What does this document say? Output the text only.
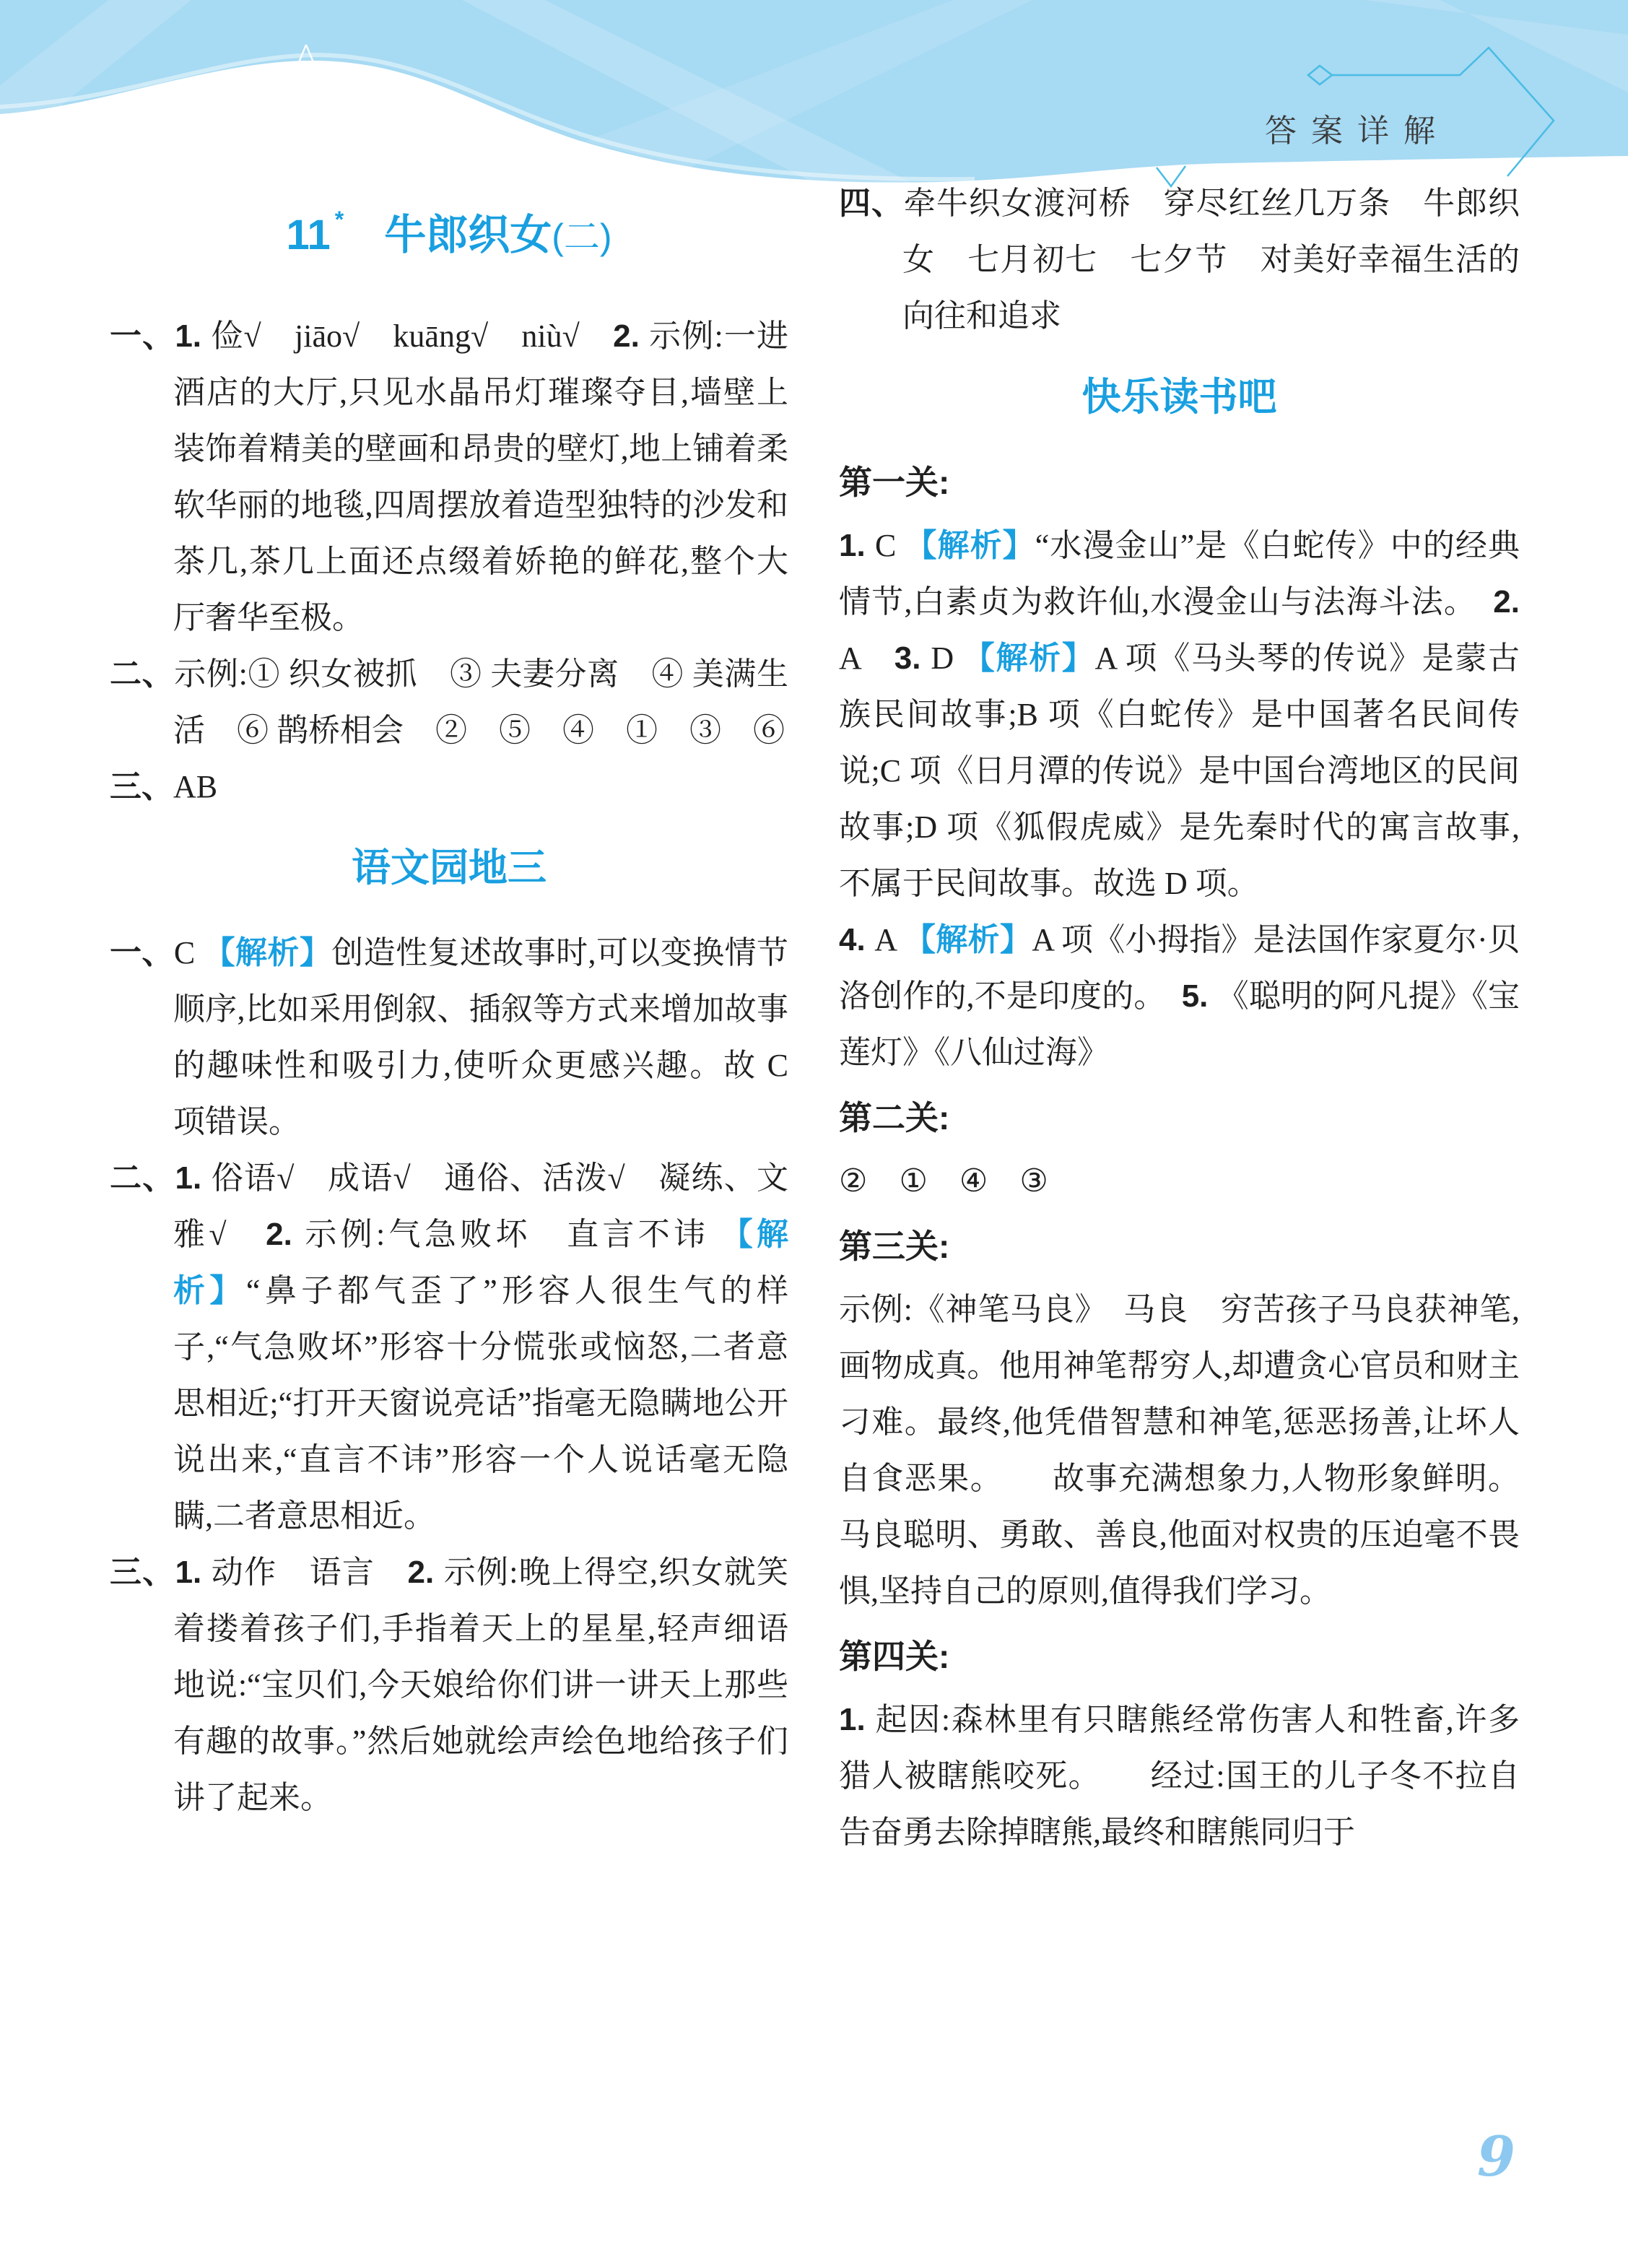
答案详解
11 * 牛郎织女(二)

一、1. 俭√　jiāo√　kuāng√　niù√　2. 示例:一进酒店的大厅,只见水晶吊灯璀璨夺目,墙壁上装饰着精美的壁画和昂贵的壁灯,地上铺着柔软华丽的地毯,四周摆放着造型独特的沙发和茶几,茶几上面还点缀着娇艳的鲜花,整个大厅奢华至极。

二、示例:① 织女被抓　③ 夫妻分离　④ 美满生活　⑥ 鹊桥相会　②　⑤　④　①　③　⑥

三、AB

语文园地三

一、C 【解析】创造性复述故事时,可以变换情节顺序,比如采用倒叙、插叙等方式来增加故事的趣味性和吸引力,使听众更感兴趣。故 C 项错误。

二、1. 俗语√　成语√　通俗、活泼√　凝练、文雅√　2. 示例:气急败坏　直言不讳 【解析】“鼻子都气歪了”形容人很生气的样子,“气急败坏”形容十分慌张或恼怒,二者意思相近;“打开天窗说亮话”指毫无隐瞒地公开说出来,“直言不讳”形容一个人说话毫无隐瞒,二者意思相近。

三、1. 动作　语言　2. 示例:晚上得空,织女就笑着搂着孩子们,手指着天上的星星,轻声细语地说:“宝贝们,今天娘给你们讲一讲天上那些有趣的故事。”然后她就绘声绘色地给孩子们讲了起来。

四、牵牛织女渡河桥　穿尽红丝几万条　牛郎织女　七月初七　七夕节　对美好幸福生活的向往和追求

快乐读书吧

第一关:

1. C 【解析】“水漫金山”是《白蛇传》中的经典情节,白素贞为救许仙,水漫金山与法海斗法。　2. A　3. D 【解析】A 项《马头琴的传说》是蒙古族民间故事;B 项《白蛇传》是中国著名民间传说;C 项《日月潭的传说》是中国台湾地区的民间故事;D 项《狐假虎威》是先秦时代的寓言故事,不属于民间故事。故选 D 项。

4. A 【解析】A 项《小拇指》是法国作家夏尔·贝洛创作的,不是印度的。　5. 《聪明的阿凡提》《宝莲灯》《八仙过海》

第二关:

②　①　④　③

第三关:

示例:《神笔马良》　马良　穷苦孩子马良获神笔,画物成真。他用神笔帮穷人,却遭贪心官员和财主刁难。最终,他凭借智慧和神笔,惩恶扬善,让坏人自食恶果。　　故事充满想象力,人物形象鲜明。马良聪明、勇敢、善良,他面对权贵的压迫毫不畏惧,坚持自己的原则,值得我们学习。

第四关:

1. 起因:森林里有只瞎熊经常伤害人和牲畜,许多猎人被瞎熊咬死。　　经过:国王的儿子冬不拉自告奋勇去除掉瞎熊,最终和瞎熊同归于

9
